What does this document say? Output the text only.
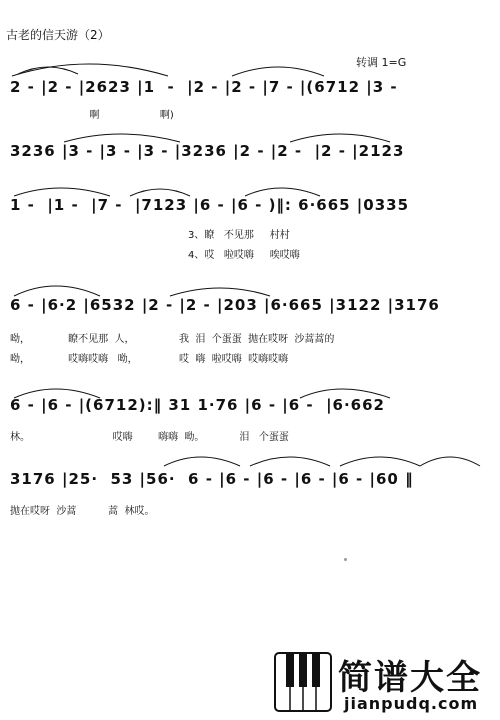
古老的信天游（2）
转调 1=G
2 - |2 - |2623 |1  -  |2 - |2 - |7 - |(6712 |3 -
啊                   啊)
3236 |3 - |3 - |3 - |3236 |2 - |2 -  |2 - |2123
1 -  |1 -  |7 -  |7123 |6 - |6 - )‖: 6·665 |0335
3、瞭   不见那     村村
4、哎   啦哎嗨     唉哎嗨
6 - |6·2 |6532 |2 - |2 - |203 |6·665 |3122 |3176
呦，            瞭不见那  人，              我  泪  个蛋蛋  抛在哎呀  沙蒿蒿的
呦，            哎嗨哎嗨   呦，             哎  嗨  啦哎嗨  哎嗨哎嗨
6 - |6 - |(6712):‖ 31 1·76 |6 - |6 -  |6·662
林。                          哎嗨        嗨嗨  呦。           泪   个蛋蛋
3176 |25·  53 |56·  6 - |6 - |6 - |6 - |6 - |60 ‖
抛在哎呀  沙蒿          蒿  林哎。
简谱大全
jianpudq.com
